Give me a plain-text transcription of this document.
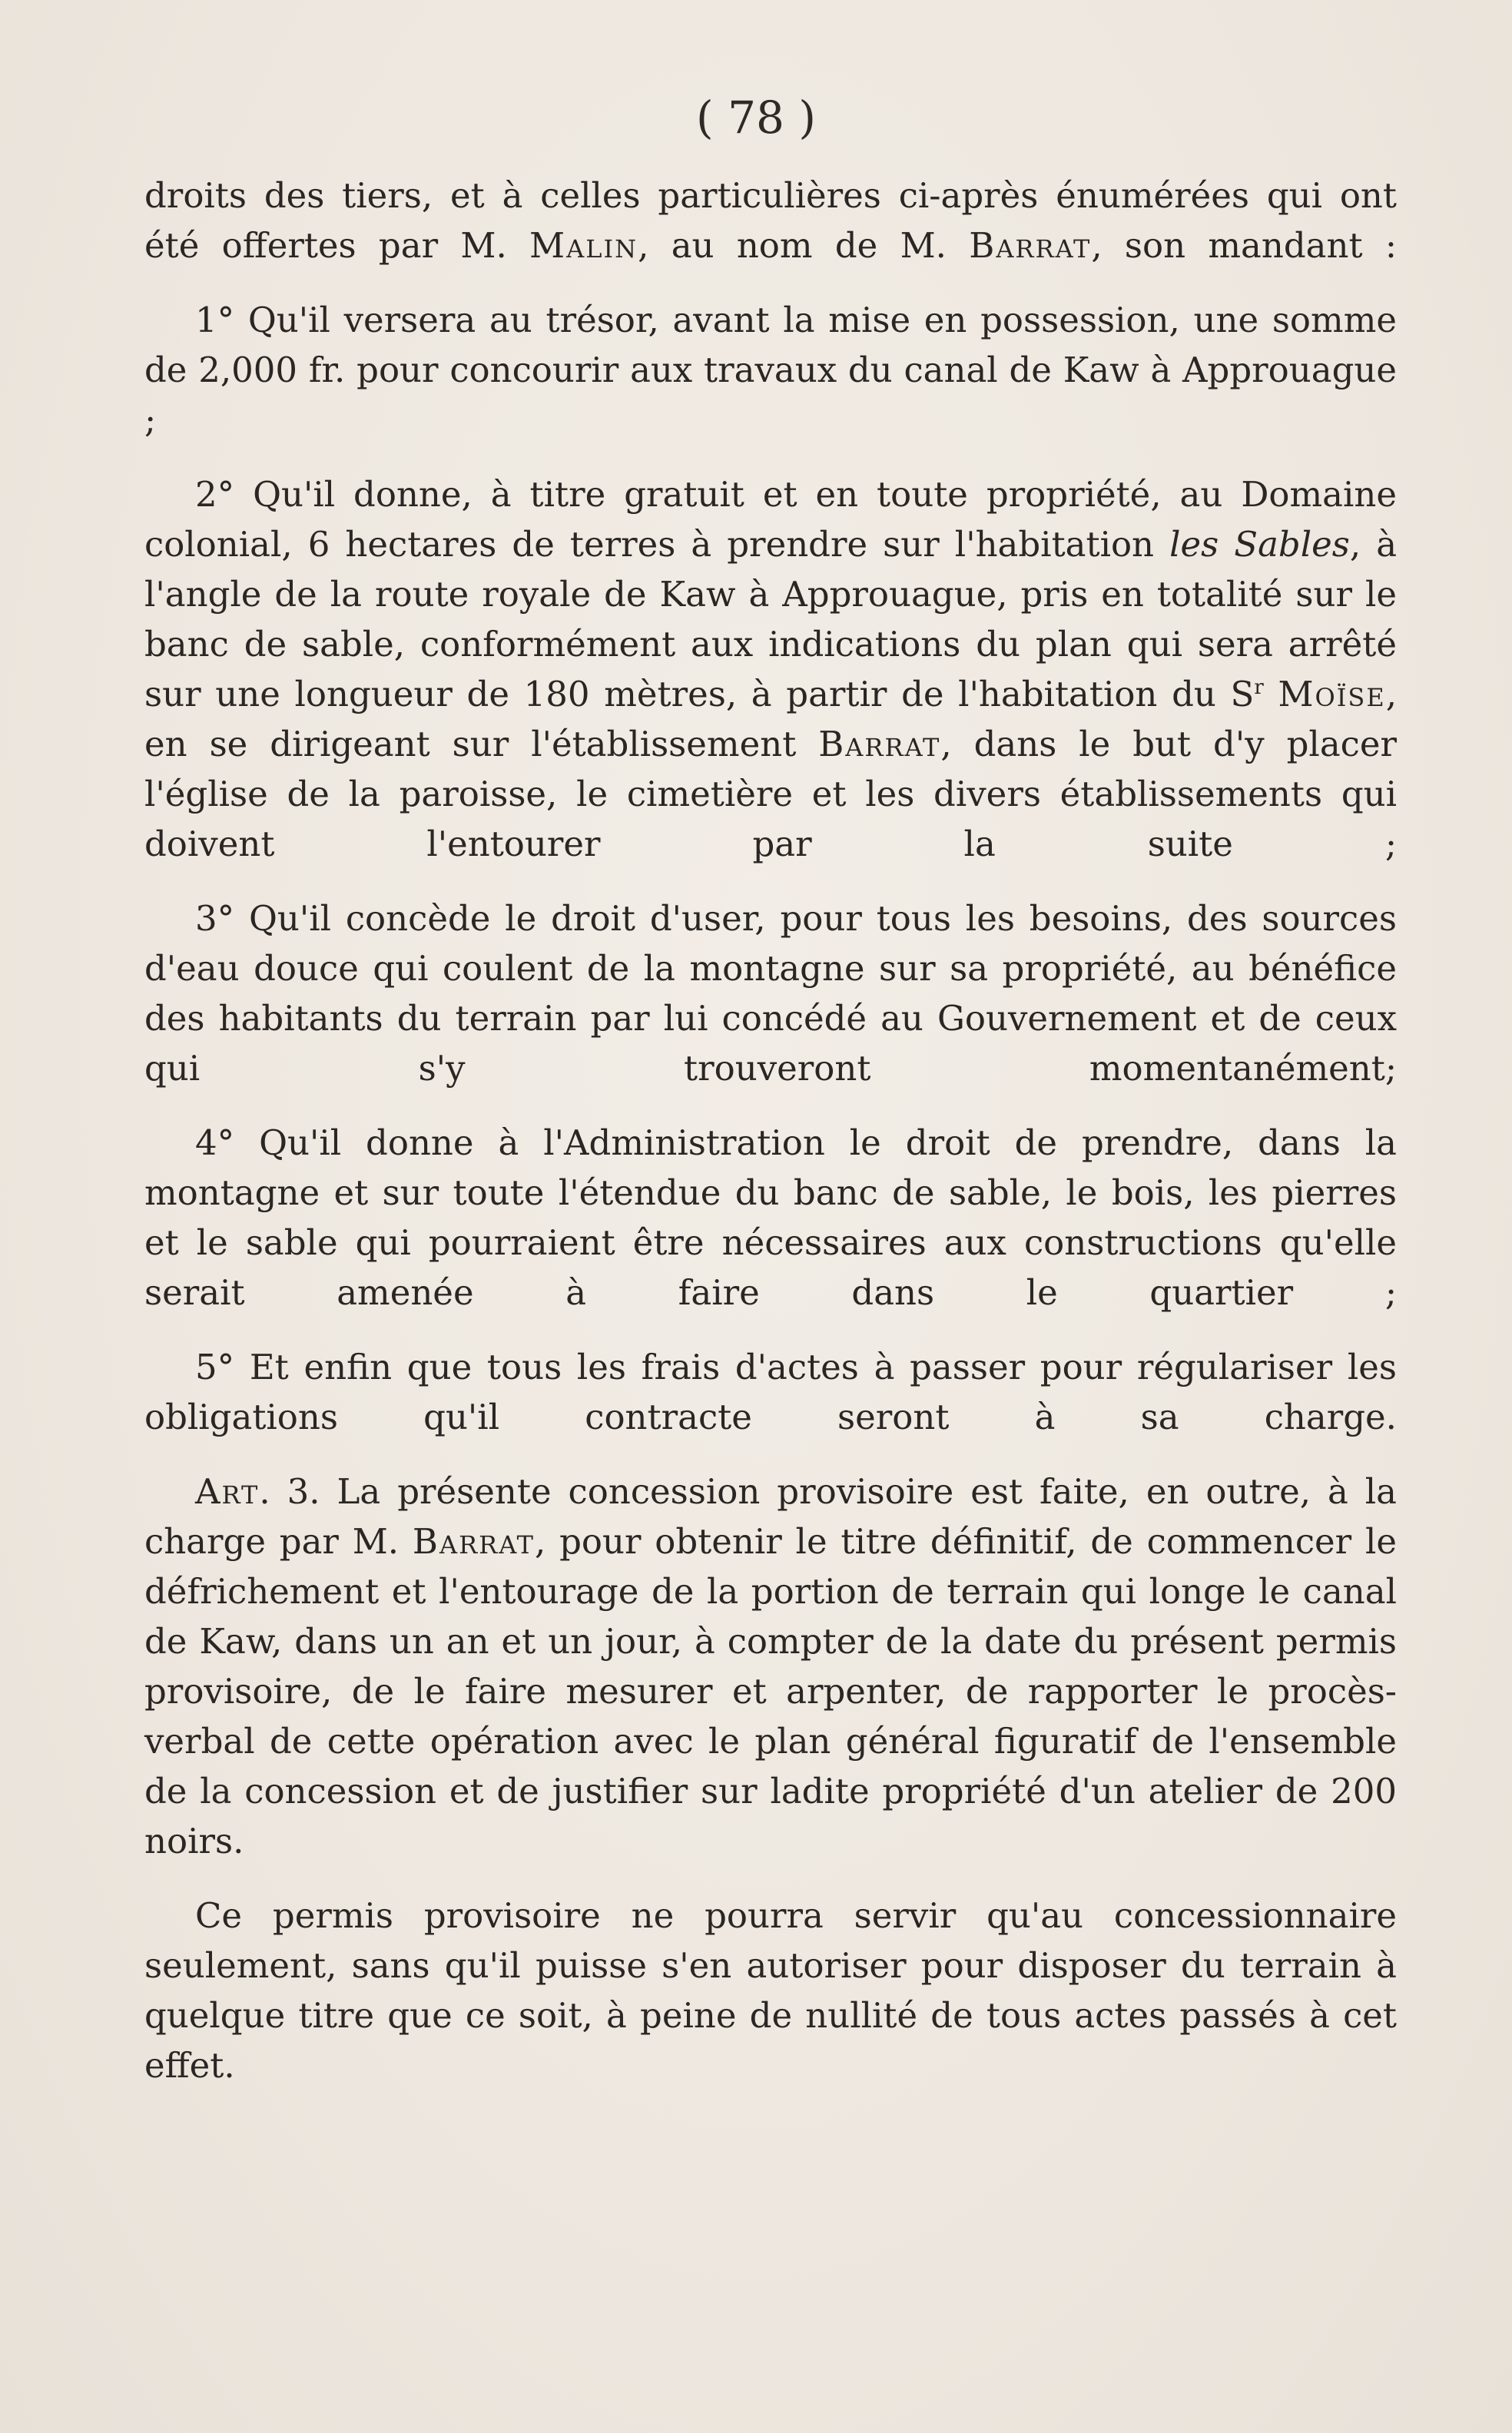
( 78 )

droits des tiers, et à celles particulières ci-après énumérées qui ont été offertes par M. Malin, au nom de M. Barrat, son mandant :

1° Qu'il versera au trésor, avant la mise en possession, une somme de 2,000 fr. pour concourir aux travaux du canal de Kaw à Approuague ;

2° Qu'il donne, à titre gratuit et en toute propriété, au Domaine colonial, 6 hectares de terres à prendre sur l'habitation les Sables, à l'angle de la route royale de Kaw à Approuague, pris en totalité sur le banc de sable, conformément aux indications du plan qui sera arrêté sur une longueur de 180 mètres, à partir de l'habitation du $S^r$ Moïse, en se dirigeant sur l'établissement Barrat, dans le but d'y placer l'église de la paroisse, le cimetière et les divers établissements qui doivent l'entourer par la suite ;

3° Qu'il concède le droit d'user, pour tous les besoins, des sources d'eau douce qui coulent de la montagne sur sa propriété, au bénéfice des habitants du terrain par lui concédé au Gouvernement et de ceux qui s'y trouveront momentanément;

4° Qu'il donne à l'Administration le droit de prendre, dans la montagne et sur toute l'étendue du banc de sable, le bois, les pierres et le sable qui pourraient être nécessaires aux constructions qu'elle serait amenée à faire dans le quartier ;

5° Et enfin que tous les frais d'actes à passer pour régulariser les obligations qu'il contracte seront à sa charge.

Art. 3. La présente concession provisoire est faite, en outre, à la charge par M. Barrat, pour obtenir le titre définitif, de commencer le défrichement et l'entourage de la portion de terrain qui longe le canal de Kaw, dans un an et un jour, à compter de la date du présent permis provisoire, de le faire mesurer et arpenter, de rapporter le procès-verbal de cette opération avec le plan général figuratif de l'ensemble de la concession et de justifier sur ladite propriété d'un atelier de 200 noirs.

Ce permis provisoire ne pourra servir qu'au concessionnaire seulement, sans qu'il puisse s'en autoriser pour disposer du terrain à quelque titre que ce soit, à peine de nullité de tous actes passés à cet effet.
